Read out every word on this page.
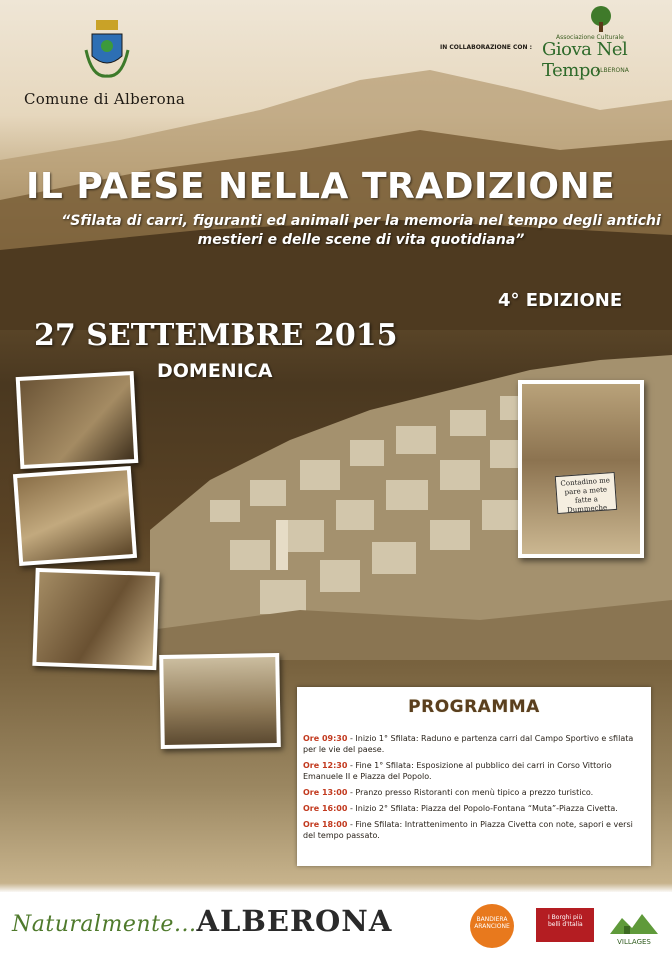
Comune di Alberona
IN COLLABORAZIONE CON :
Associazione Culturale
Giova Nel Tempo
ALBERONA
IL PAESE NELLA TRADIZIONE
“Sfilata di carri, figuranti ed animali per la memoria nel tempo degli antichi mestieri e delle scene di vita quotidiana”
4° EDIZIONE
27 SETTEMBRE 2015
DOMENICA
Contadino me pare a mete fatte a Dummeche
PROGRAMMA
Ore 09:30 - Inizio 1° Sfilata: Raduno e partenza carri dal Campo Sportivo e sfilata per le vie del paese.
Ore 12:30 - Fine 1° Sfilata: Esposizione al pubblico dei carri in Corso Vittorio Emanuele II e Piazza del Popolo.
Ore 13:00 - Pranzo presso Ristoranti con menù tipico a prezzo turistico.
Ore 16:00 - Inizio 2° Sfilata: Piazza del Popolo-Fontana “Muta”-Piazza Civetta.
Ore 18:00 - Fine Sfilata: Intrattenimento in Piazza Civetta con note, sapori e versi del tempo passato.
Naturalmente...ALBERONA	BANDIERA ARANCIONE
I Borghi più belli d'Italia
VILLAGES
